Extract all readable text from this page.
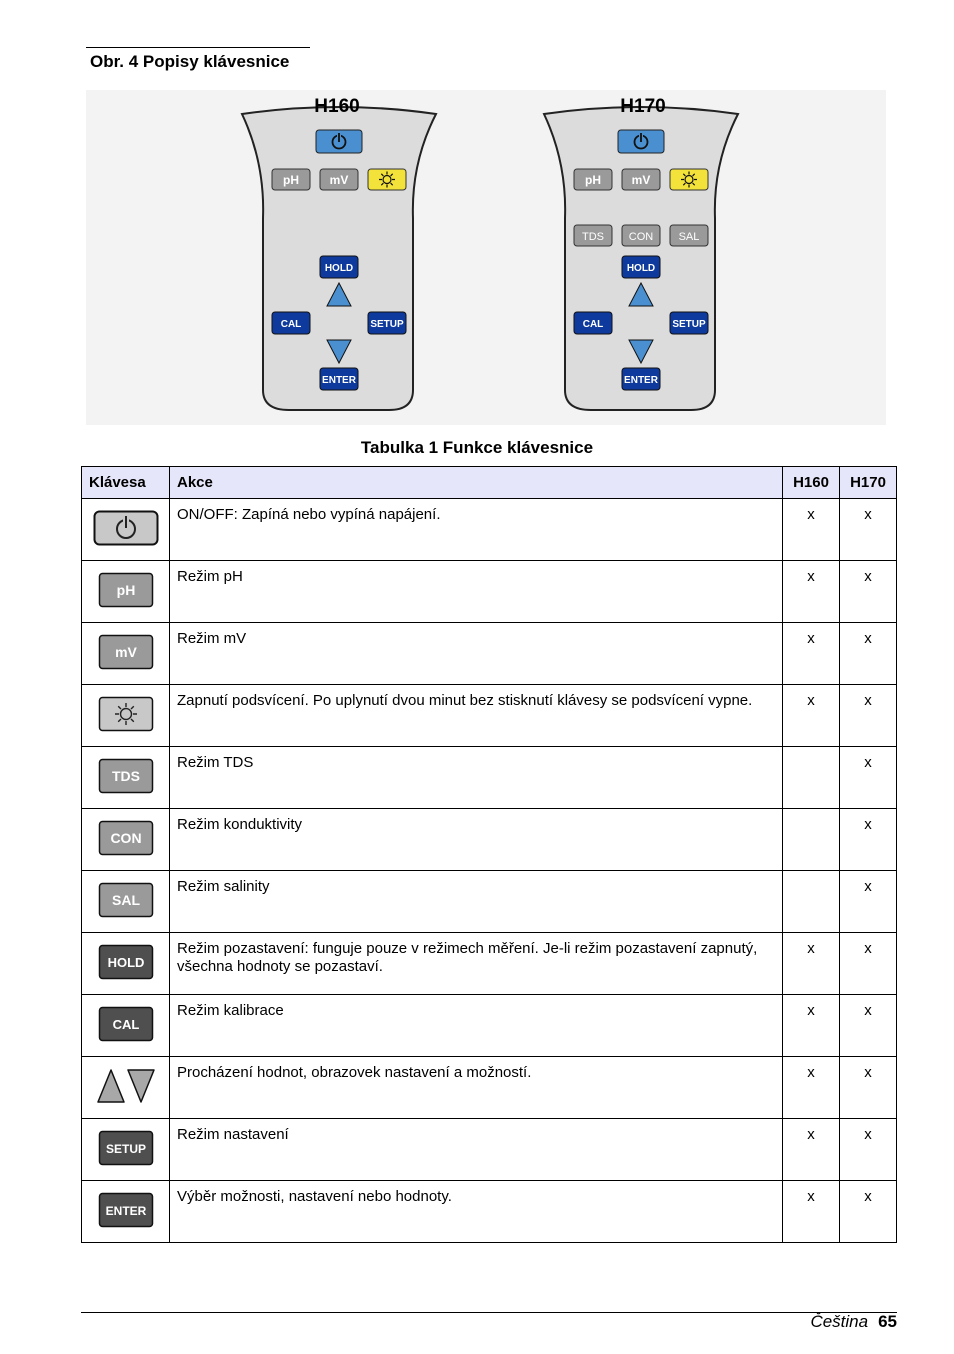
Obr. 4 Popisy klávesnice
H160
pH	mV
HOLD
CAL	SETUP
ENTER
H170
pH	mV
TDS CON SAL
HOLD
CAL	SETUP
ENTER
Tabulka 1 Funkce klávesnice
Klávesa	Akce	H160	H170
	ON/OFF: Zapíná nebo vypíná napájení.	x	x

pH	Režim pH	x	x

mV	Režim mV	x	x
	Zapnutí podsvícení. Po uplynutí dvou minut bez stisknutí klávesy se podsvícení vypne.	x	x

TDS	Režim TDS		x

CON	Režim konduktivity		x

SAL	Režim salinity		x

HOLD	Režim pozastavení: funguje pouze v režimech měření. Je-li režim pozastavení zapnutý, všechna hodnoty se pozastaví.	x	x

CAL	Režim kalibrace	x	x
	Procházení hodnot, obrazovek nastavení a možností.	x	x

SETUP	Režim nastavení	x	x

ENTER	Výběr možnosti, nastavení nebo hodnoty.	x	x
Čeština 65
